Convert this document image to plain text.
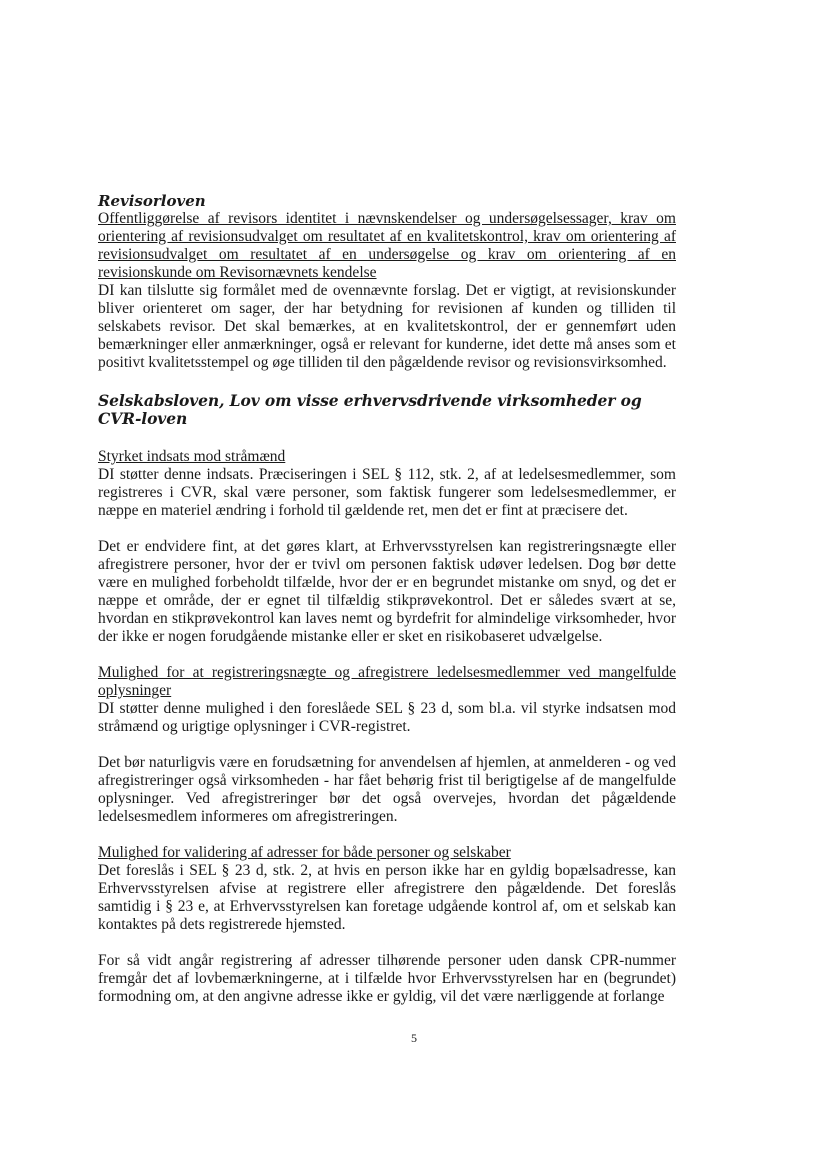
Revisorloven

Offentliggørelse af revisors identitet i nævnskendelser og undersøgelsessager, krav om orientering af revisionsudvalget om resultatet af en kvalitetskontrol, krav om orientering af revisionsudvalget om resultatet af en undersøgelse og krav om orientering af en revisionskunde om Revisornævnets kendelse

DI kan tilslutte sig formålet med de ovennævnte forslag. Det er vigtigt, at revisionskunder bliver orienteret om sager, der har betydning for revisionen af kunden og tilliden til selskabets revisor. Det skal bemærkes, at en kvalitetskontrol, der er gennemført uden bemærkninger eller anmærkninger, også er relevant for kunderne, idet dette må anses som et positivt kvalitetsstempel og øge tilliden til den pågældende revisor og revisionsvirksomhed.

Selskabsloven, Lov om visse erhvervsdrivende virksomheder og CVR-loven

Styrket indsats mod stråmænd

DI støtter denne indsats. Præciseringen i SEL § 112, stk. 2, af at ledelsesmedlemmer, som registreres i CVR, skal være personer, som faktisk fungerer som ledelsesmedlemmer, er næppe en materiel ændring i forhold til gældende ret, men det er fint at præcisere det.

Det er endvidere fint, at det gøres klart, at Erhvervsstyrelsen kan registreringsnægte eller afregistrere personer, hvor der er tvivl om personen faktisk udøver ledelsen. Dog bør dette være en mulighed forbeholdt tilfælde, hvor der er en begrundet mistanke om snyd, og det er næppe et område, der er egnet til tilfældig stikprøvekontrol. Det er således svært at se, hvordan en stikprøvekontrol kan laves nemt og byrdefrit for almindelige virksomheder, hvor der ikke er nogen forudgående mistanke eller er sket en risikobaseret udvælgelse.

Mulighed for at registreringsnægte og afregistrere ledelsesmedlemmer ved mangelfulde oplysninger

DI støtter denne mulighed i den foreslåede SEL § 23 d, som bl.a. vil styrke indsatsen mod stråmænd og urigtige oplysninger i CVR-registret.

Det bør naturligvis være en forudsætning for anvendelsen af hjemlen, at anmelderen - og ved afregistreringer også virksomheden - har fået behørig frist til berigtigelse af de mangelfulde oplysninger. Ved afregistreringer bør det også overvejes, hvordan det pågældende ledelsesmedlem informeres om afregistreringen.

Mulighed for validering af adresser for både personer og selskaber

Det foreslås i SEL § 23 d, stk. 2, at hvis en person ikke har en gyldig bopælsadresse, kan Erhvervsstyrelsen afvise at registrere eller afregistrere den pågældende. Det foreslås samtidig i § 23 e, at Erhvervsstyrelsen kan foretage udgående kontrol af, om et selskab kan kontaktes på dets registrerede hjemsted.

For så vidt angår registrering af adresser tilhørende personer uden dansk CPR-nummer fremgår det af lovbemærkningerne, at i tilfælde hvor Erhvervsstyrelsen har en (begrundet) formodning om, at den angivne adresse ikke er gyldig, vil det være nærliggende at forlange

5
